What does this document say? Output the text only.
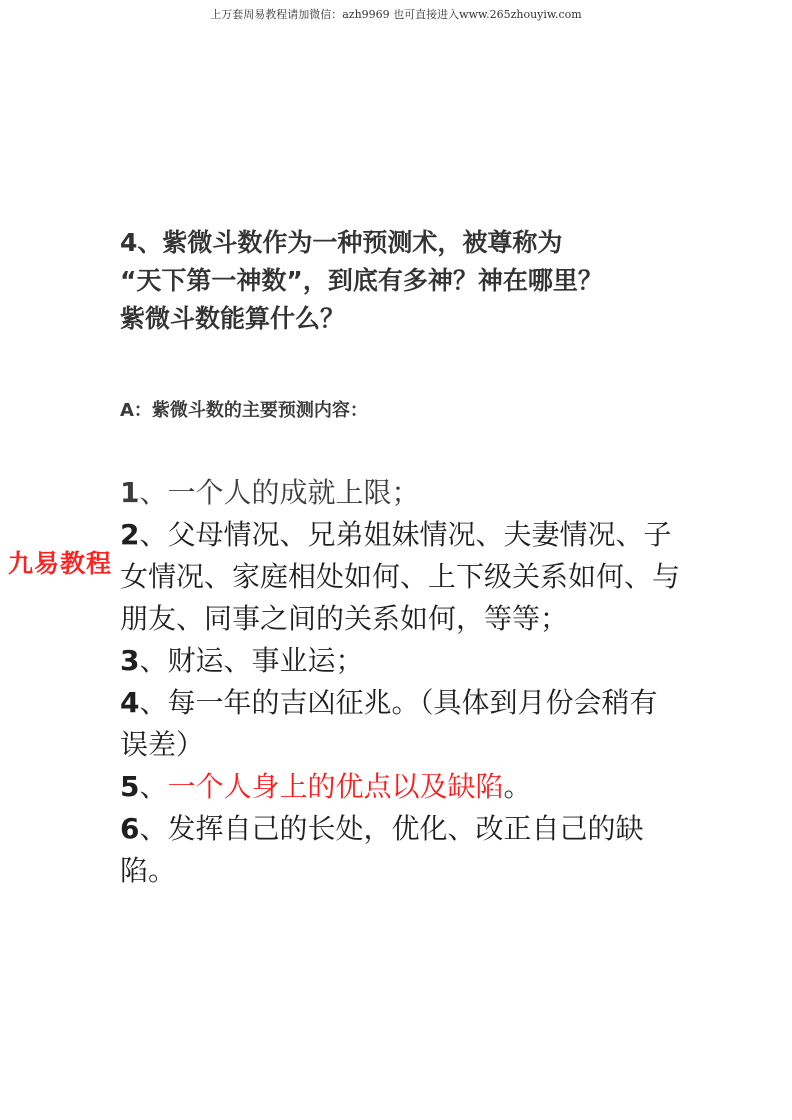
上万套周易教程请加微信：azh9969 也可直接进入www.265zhouyiw.com
4、紫微斗数作为一种预测术，被尊称为
“天下第一神数”，到底有多神？神在哪里？
紫微斗数能算什么？
A：紫微斗数的主要预测内容：

1、一个人的成就上限；

2、父母情况、兄弟姐妹情况、夫妻情况、子女情况、家庭相处如何、上下级关系如何、与朋友、同事之间的关系如何，等等；

3、财运、事业运；

4、每一年的吉凶征兆。（具体到月份会稍有误差）

5、一个人身上的优点以及缺陷。

6、发挥自己的长处，优化、改正自己的缺陷。

九易教程
